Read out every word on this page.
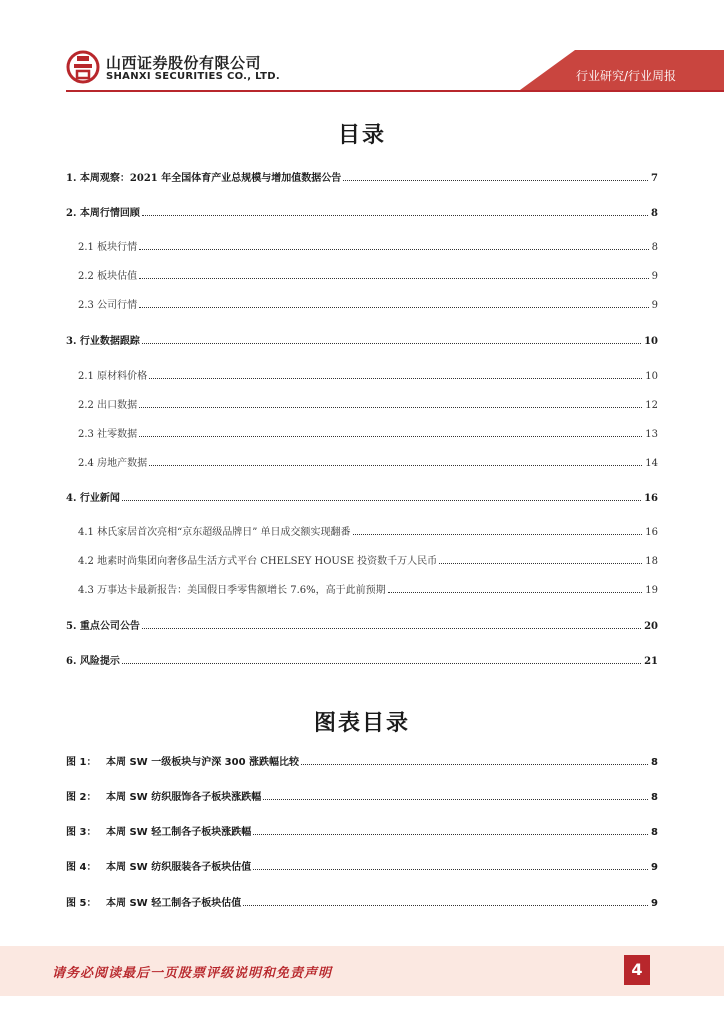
山西证券股份有限公司
SHANXI SECURITIES CO., LTD.	行业研究/行业周报
目录
1. 本周观察：2021 年全国体育产业总规模与增加值数据公告	7
2. 本周行情回顾	8
2.1 板块行情	8
2.2 板块估值	9
2.3 公司行情	9
3. 行业数据跟踪	10
2.1 原材料价格	10
2.2 出口数据	12
2.3 社零数据	13
2.4 房地产数据	14
4. 行业新闻	16
4.1 林氏家居首次亮相“京东超级品牌日” 单日成交额实现翻番	16
4.2 地素时尚集团向奢侈品生活方式平台 CHELSEY HOUSE 投资数千万人民币	18
4.3 万事达卡最新报告：美国假日季零售额增长 7.6%，高于此前预期	19
5. 重点公司公告	20
6. 风险提示	21
图表目录
图 1： 本周 SW 一级板块与沪深 300 涨跌幅比较	8
图 2： 本周 SW 纺织服饰各子板块涨跌幅	8
图 3： 本周 SW 轻工制各子板块涨跌幅	8
图 4： 本周 SW 纺织服装各子板块估值	9
图 5： 本周 SW 轻工制各子板块估值	9
请务必阅读最后一页股票评级说明和免责声明	4
